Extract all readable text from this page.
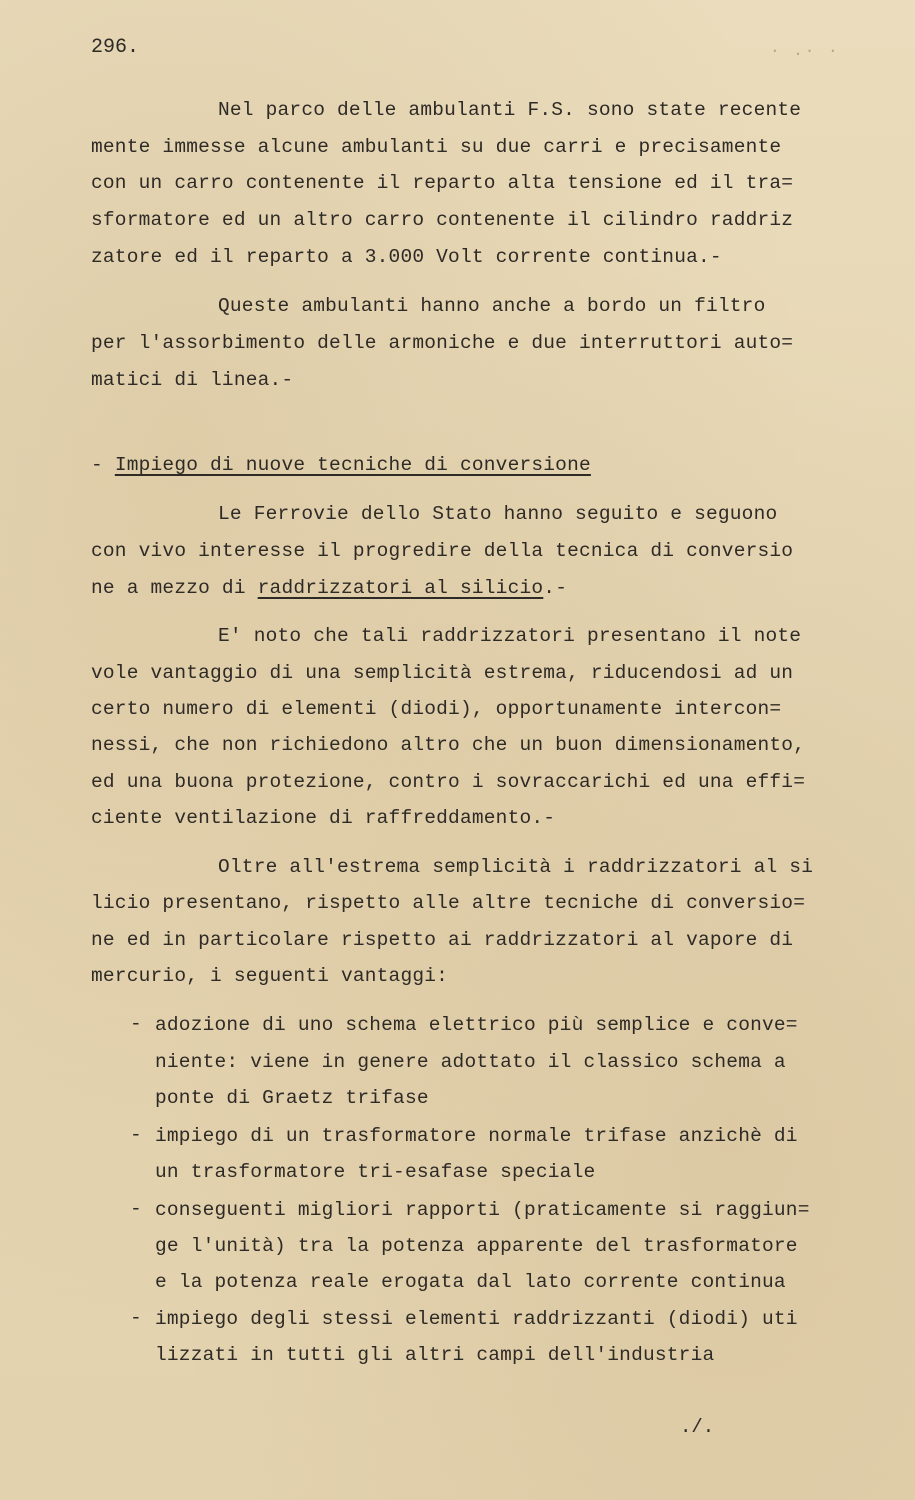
296.	· .· ·
Nel parco delle ambulanti F.S. sono state recente
mente immesse alcune ambulanti su due carri e precisamente
con un carro contenente il reparto alta tensione ed il tra=
sformatore ed un altro carro contenente il cilindro raddriz
zatore ed il reparto a 3.000 Volt corrente continua.-
Queste ambulanti hanno anche a bordo un filtro
per l'assorbimento delle armoniche e due interruttori auto=
matici di linea.-
- Impiego di nuove tecniche di conversione
Le Ferrovie dello Stato hanno seguito e seguono
con vivo interesse il progredire della tecnica di conversio
ne a mezzo di raddrizzatori al silicio.-
E' noto che tali raddrizzatori presentano il note
vole vantaggio di una semplicità estrema, riducendosi ad un
certo numero di elementi (diodi), opportunamente intercon=
nessi, che non richiedono altro che un buon dimensionamento,
ed una buona protezione, contro i sovraccarichi ed una effi=
ciente ventilazione di raffreddamento.-
Oltre all'estrema semplicità i raddrizzatori al si
licio presentano, rispetto alle altre tecniche di conversio=
ne ed in particolare rispetto ai raddrizzatori al vapore di
mercurio, i seguenti vantaggi:
- adozione di uno schema elettrico più semplice e conve=
niente: viene in genere adottato il classico schema a
ponte di Graetz trifase
- impiego di un trasformatore normale trifase anzichè di
un trasformatore tri-esafase speciale
- conseguenti migliori rapporti (praticamente si raggiun=
ge l'unità) tra la potenza apparente del trasformatore
e la potenza reale erogata dal lato corrente continua
- impiego degli stessi elementi raddrizzanti (diodi) uti
lizzati in tutti gli altri campi dell'industria
./.
